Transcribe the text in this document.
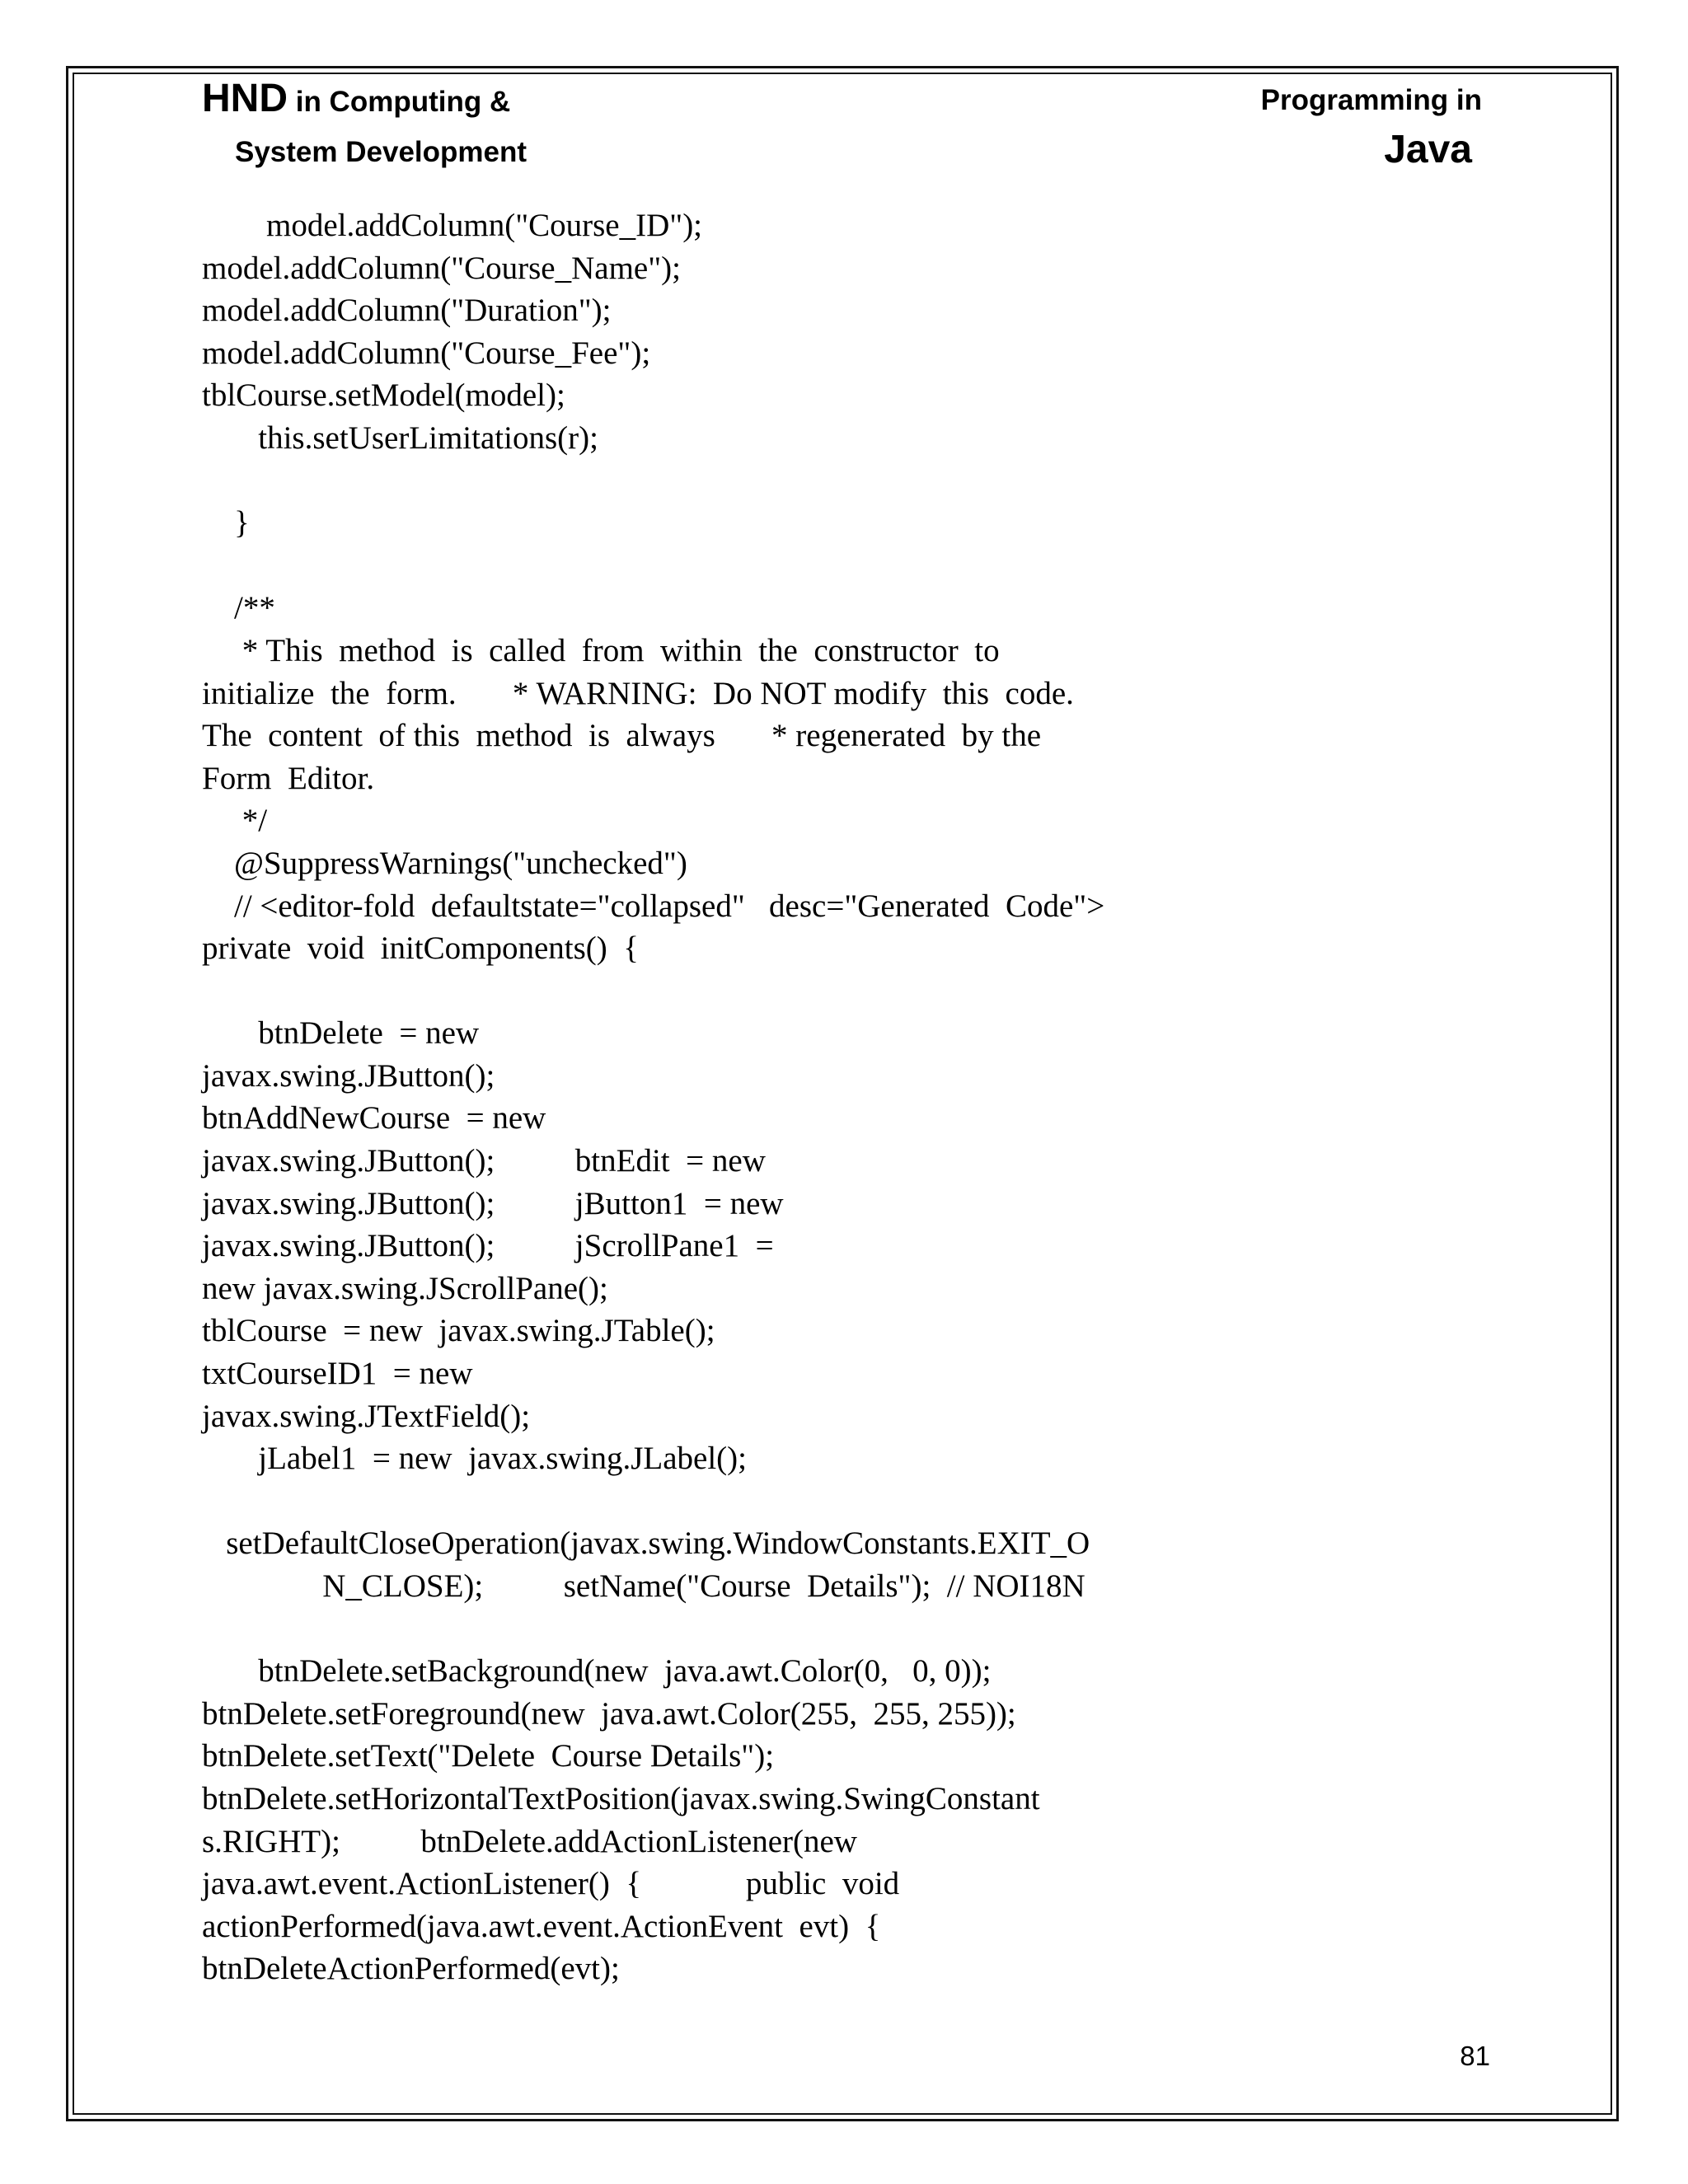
HND in Computing &
System Development
Programming in
Java
model.addColumn("Course_ID");
model.addColumn("Course_Name");
model.addColumn("Duration");
model.addColumn("Course_Fee");
tblCourse.setModel(model);
this.setUserLimitations(r);
}
/**
* This  method  is  called  from  within  the  constructor  to
initialize  the  form.       * WARNING:  Do NOT modify  this  code.
The  content  of this  method  is  always       * regenerated  by the
Form  Editor.
*/
@SuppressWarnings("unchecked")
// <editor-fold  defaultstate="collapsed"   desc="Generated  Code">
private  void  initComponents()  {
btnDelete  = new
javax.swing.JButton();
btnAddNewCourse  = new
javax.swing.JButton();          btnEdit  = new
javax.swing.JButton();          jButton1  = new
javax.swing.JButton();          jScrollPane1  =
new javax.swing.JScrollPane();
tblCourse  = new  javax.swing.JTable();
txtCourseID1  = new
javax.swing.JTextField();
jLabel1  = new  javax.swing.JLabel();
setDefaultCloseOperation(javax.swing.WindowConstants.EXIT_O
N_CLOSE);          setName("Course  Details");  // NOI18N
btnDelete.setBackground(new  java.awt.Color(0,   0, 0));
btnDelete.setForeground(new  java.awt.Color(255,  255, 255));
btnDelete.setText("Delete  Course Details");
btnDelete.setHorizontalTextPosition(javax.swing.SwingConstant
s.RIGHT);          btnDelete.addActionListener(new
java.awt.event.ActionListener()  {             public  void
actionPerformed(java.awt.event.ActionEvent  evt)  {
btnDeleteActionPerformed(evt);
81
